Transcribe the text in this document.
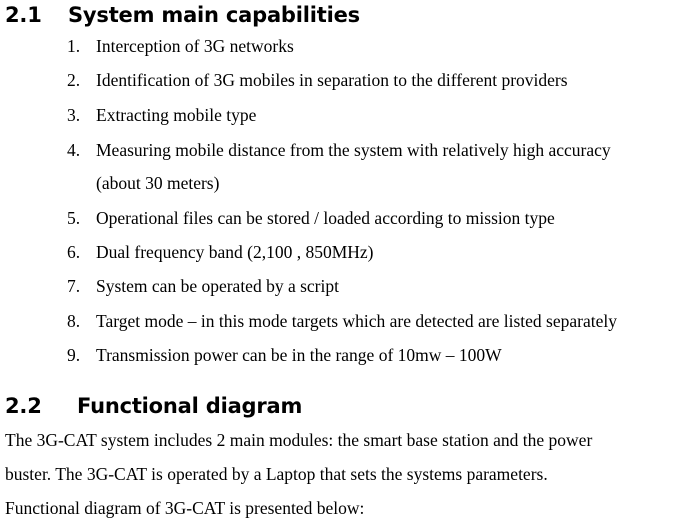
2.1 System main capabilities
1. Interception of 3G networks
2. Identification of 3G mobiles in separation to the different providers
3. Extracting mobile type
4. Measuring mobile distance from the system with relatively high accuracy
(about 30 meters)
5. Operational files can be stored / loaded according to mission type
6. Dual frequency band (2,100 , 850MHz)
7. System can be operated by a script
8. Target mode – in this mode targets which are detected are listed separately
9. Transmission power can be in the range of 10mw – 100W
2.2 Functional diagram
The 3G-CAT system includes 2 main modules: the smart base station and the power
buster. The 3G-CAT is operated by a Laptop that sets the systems parameters.
Functional diagram of 3G-CAT is presented below:
